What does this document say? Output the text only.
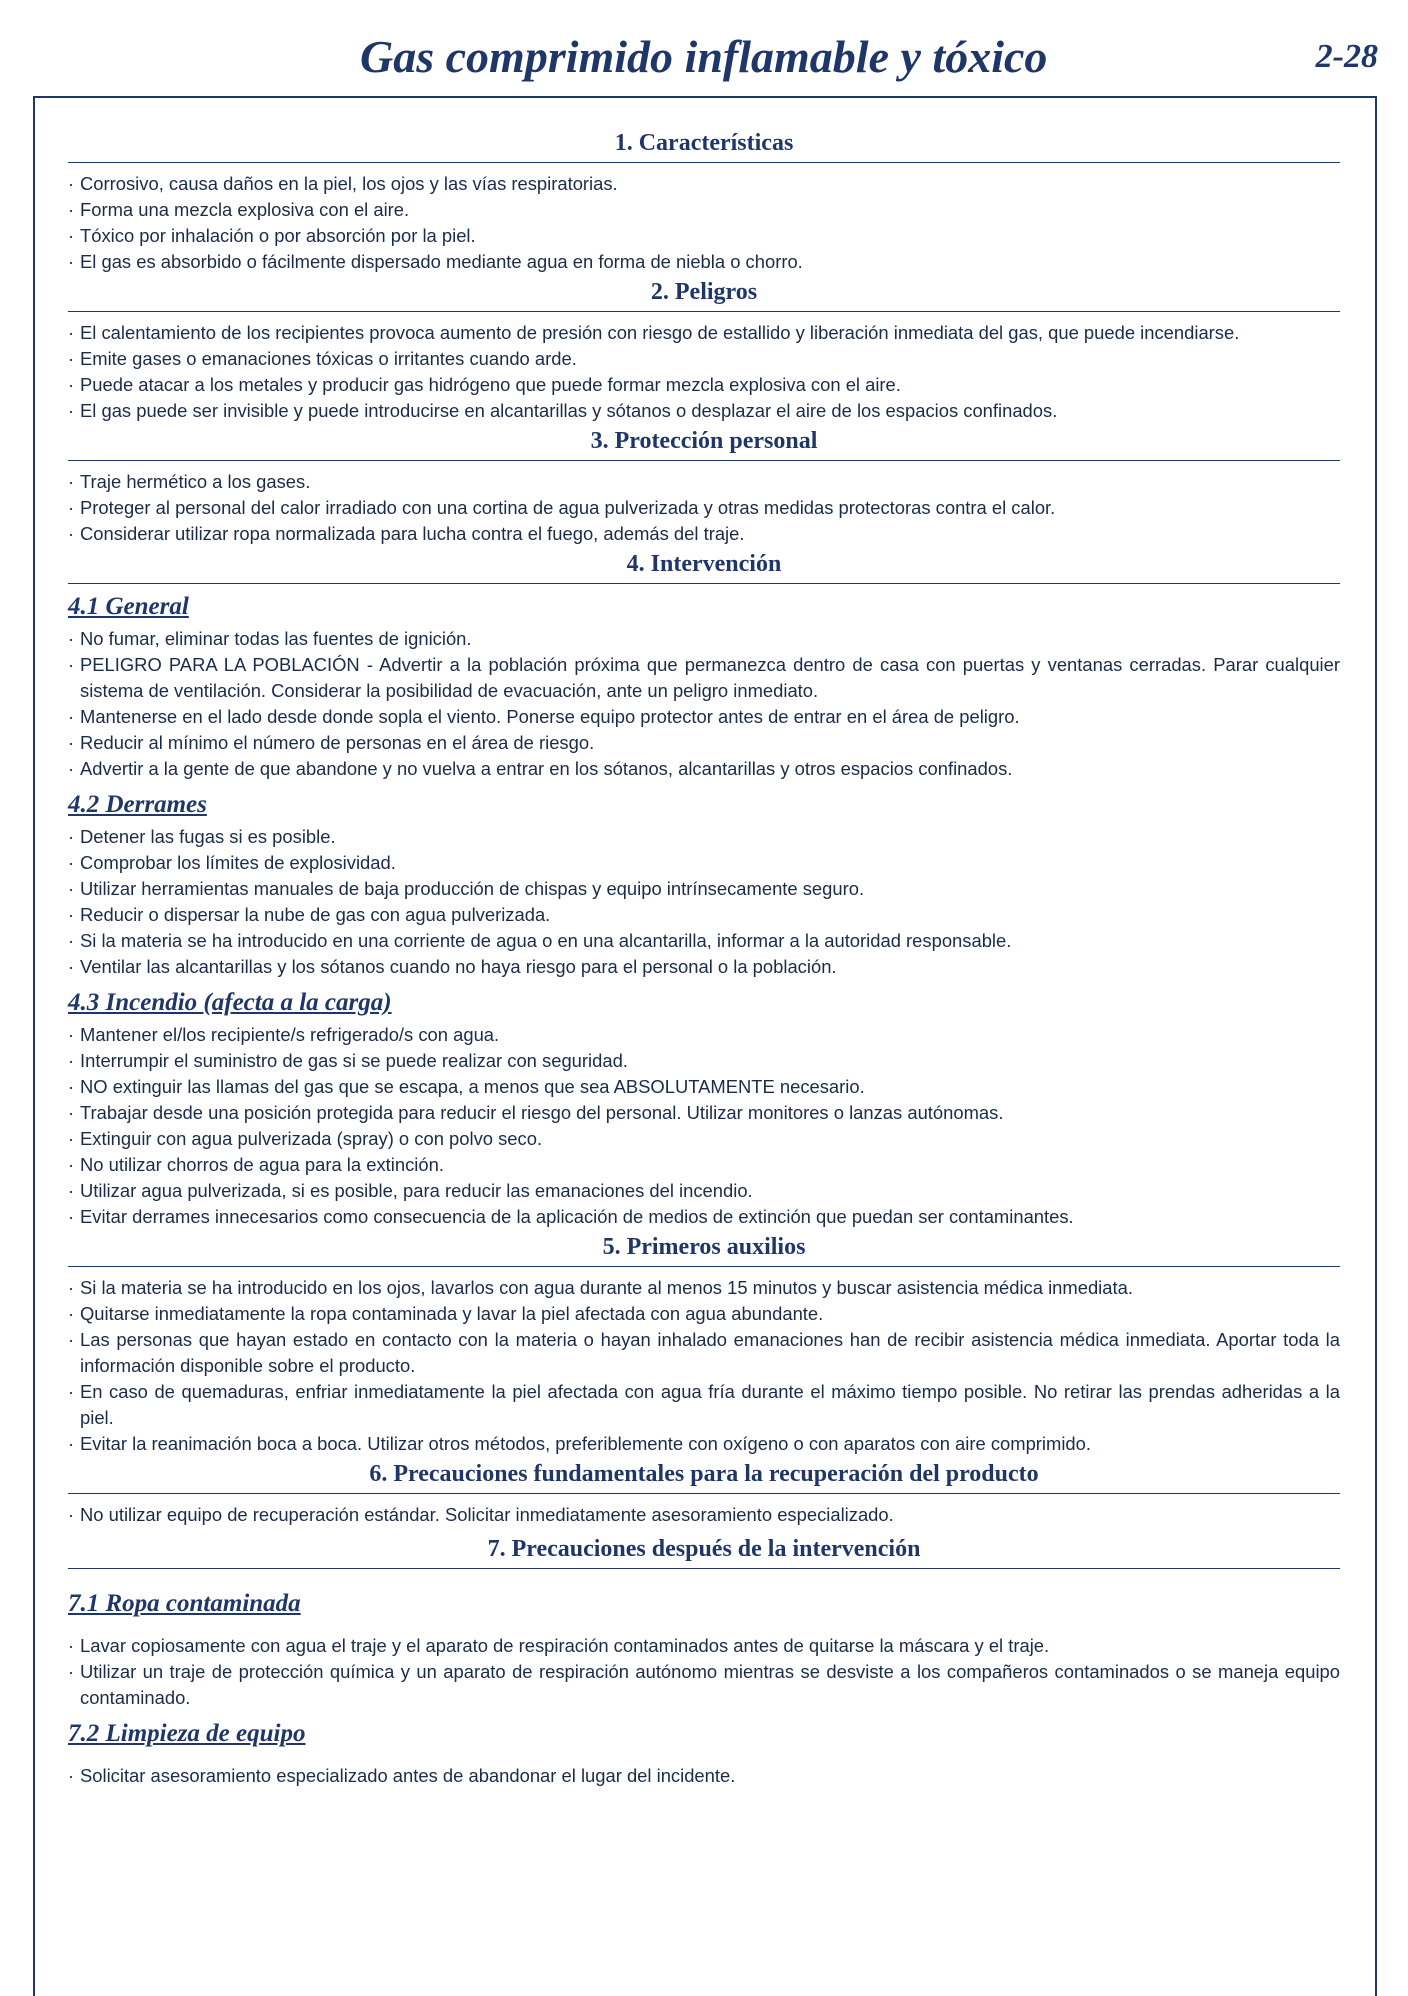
Gas comprimido inflamable y tóxico	2-28
1. Características
· Corrosivo, causa daños en la piel, los ojos y las vías respiratorias.
· Forma una mezcla explosiva con el aire.
· Tóxico por inhalación o por absorción por la piel.
· El gas es absorbido o fácilmente dispersado mediante agua en forma de niebla o chorro.
2. Peligros
· El calentamiento de los recipientes provoca aumento de presión con riesgo de estallido y liberación inmediata del gas, que puede incendiarse.
· Emite gases o emanaciones tóxicas o irritantes cuando arde.
· Puede atacar a los metales y producir gas hidrógeno que puede formar mezcla explosiva con el aire.
· El gas puede ser invisible y puede introducirse en alcantarillas y sótanos o desplazar el aire de los espacios confinados.
3. Protección personal
· Traje hermético a los gases.
· Proteger al personal del calor irradiado con una cortina de agua pulverizada y otras medidas protectoras contra el calor.
· Considerar utilizar ropa normalizada para lucha contra el fuego, además del traje.
4. Intervención
4.1 General
· No fumar, eliminar todas las fuentes de ignición.
· PELIGRO PARA LA POBLACIÓN - Advertir a la población próxima que permanezca dentro de casa con puertas y ventanas cerradas. Parar cualquier sistema de ventilación. Considerar la posibilidad de evacuación, ante un peligro inmediato.
· Mantenerse en el lado desde donde sopla el viento. Ponerse equipo protector antes de entrar en el área de peligro.
· Reducir al mínimo el número de personas en el área de riesgo.
· Advertir a la gente de que abandone y no vuelva a entrar en los sótanos, alcantarillas y otros espacios confinados.
4.2 Derrames
· Detener las fugas si es posible.
· Comprobar los límites de explosividad.
· Utilizar herramientas manuales de baja producción de chispas y equipo intrínsecamente seguro.
· Reducir o dispersar la nube de gas con agua pulverizada.
· Si la materia se ha introducido en una corriente de agua o en una alcantarilla, informar a la autoridad responsable.
· Ventilar las alcantarillas y los sótanos cuando no haya riesgo para el personal o la población.
4.3 Incendio (afecta a la carga)
· Mantener el/los recipiente/s refrigerado/s con agua.
· Interrumpir el suministro de gas si se puede realizar con seguridad.
· NO extinguir las llamas del gas que se escapa, a menos que sea ABSOLUTAMENTE necesario.
· Trabajar desde una posición protegida para reducir el riesgo del personal. Utilizar monitores o lanzas autónomas.
· Extinguir con agua pulverizada (spray) o con polvo seco.
· No utilizar chorros de agua para la extinción.
· Utilizar agua pulverizada, si es posible, para reducir las emanaciones del incendio.
· Evitar derrames innecesarios como consecuencia de la aplicación de medios de extinción que puedan ser contaminantes.
5. Primeros auxilios
· Si la materia se ha introducido en los ojos, lavarlos con agua durante al menos 15 minutos y buscar asistencia médica inmediata.
· Quitarse inmediatamente la ropa contaminada y lavar la piel afectada con agua abundante.
· Las personas que hayan estado en contacto con la materia o hayan inhalado emanaciones han de recibir asistencia médica inmediata. Aportar toda la información disponible sobre el producto.
· En caso de quemaduras, enfriar inmediatamente la piel afectada con agua fría durante el máximo tiempo posible. No retirar las prendas adheridas a la piel.
· Evitar la reanimación boca a boca. Utilizar otros métodos, preferiblemente con oxígeno o con aparatos con aire comprimido.
6. Precauciones fundamentales para la recuperación del producto
· No utilizar equipo de recuperación estándar. Solicitar inmediatamente asesoramiento especializado.
7. Precauciones después de la intervención
7.1 Ropa contaminada
· Lavar copiosamente con agua el traje y el aparato de respiración contaminados antes de quitarse la máscara y el traje.
· Utilizar un traje de protección química y un aparato de respiración autónomo mientras se desviste a los compañeros contaminados o se maneja equipo contaminado.
7.2 Limpieza de equipo
· Solicitar asesoramiento especializado antes de abandonar el lugar del incidente.
